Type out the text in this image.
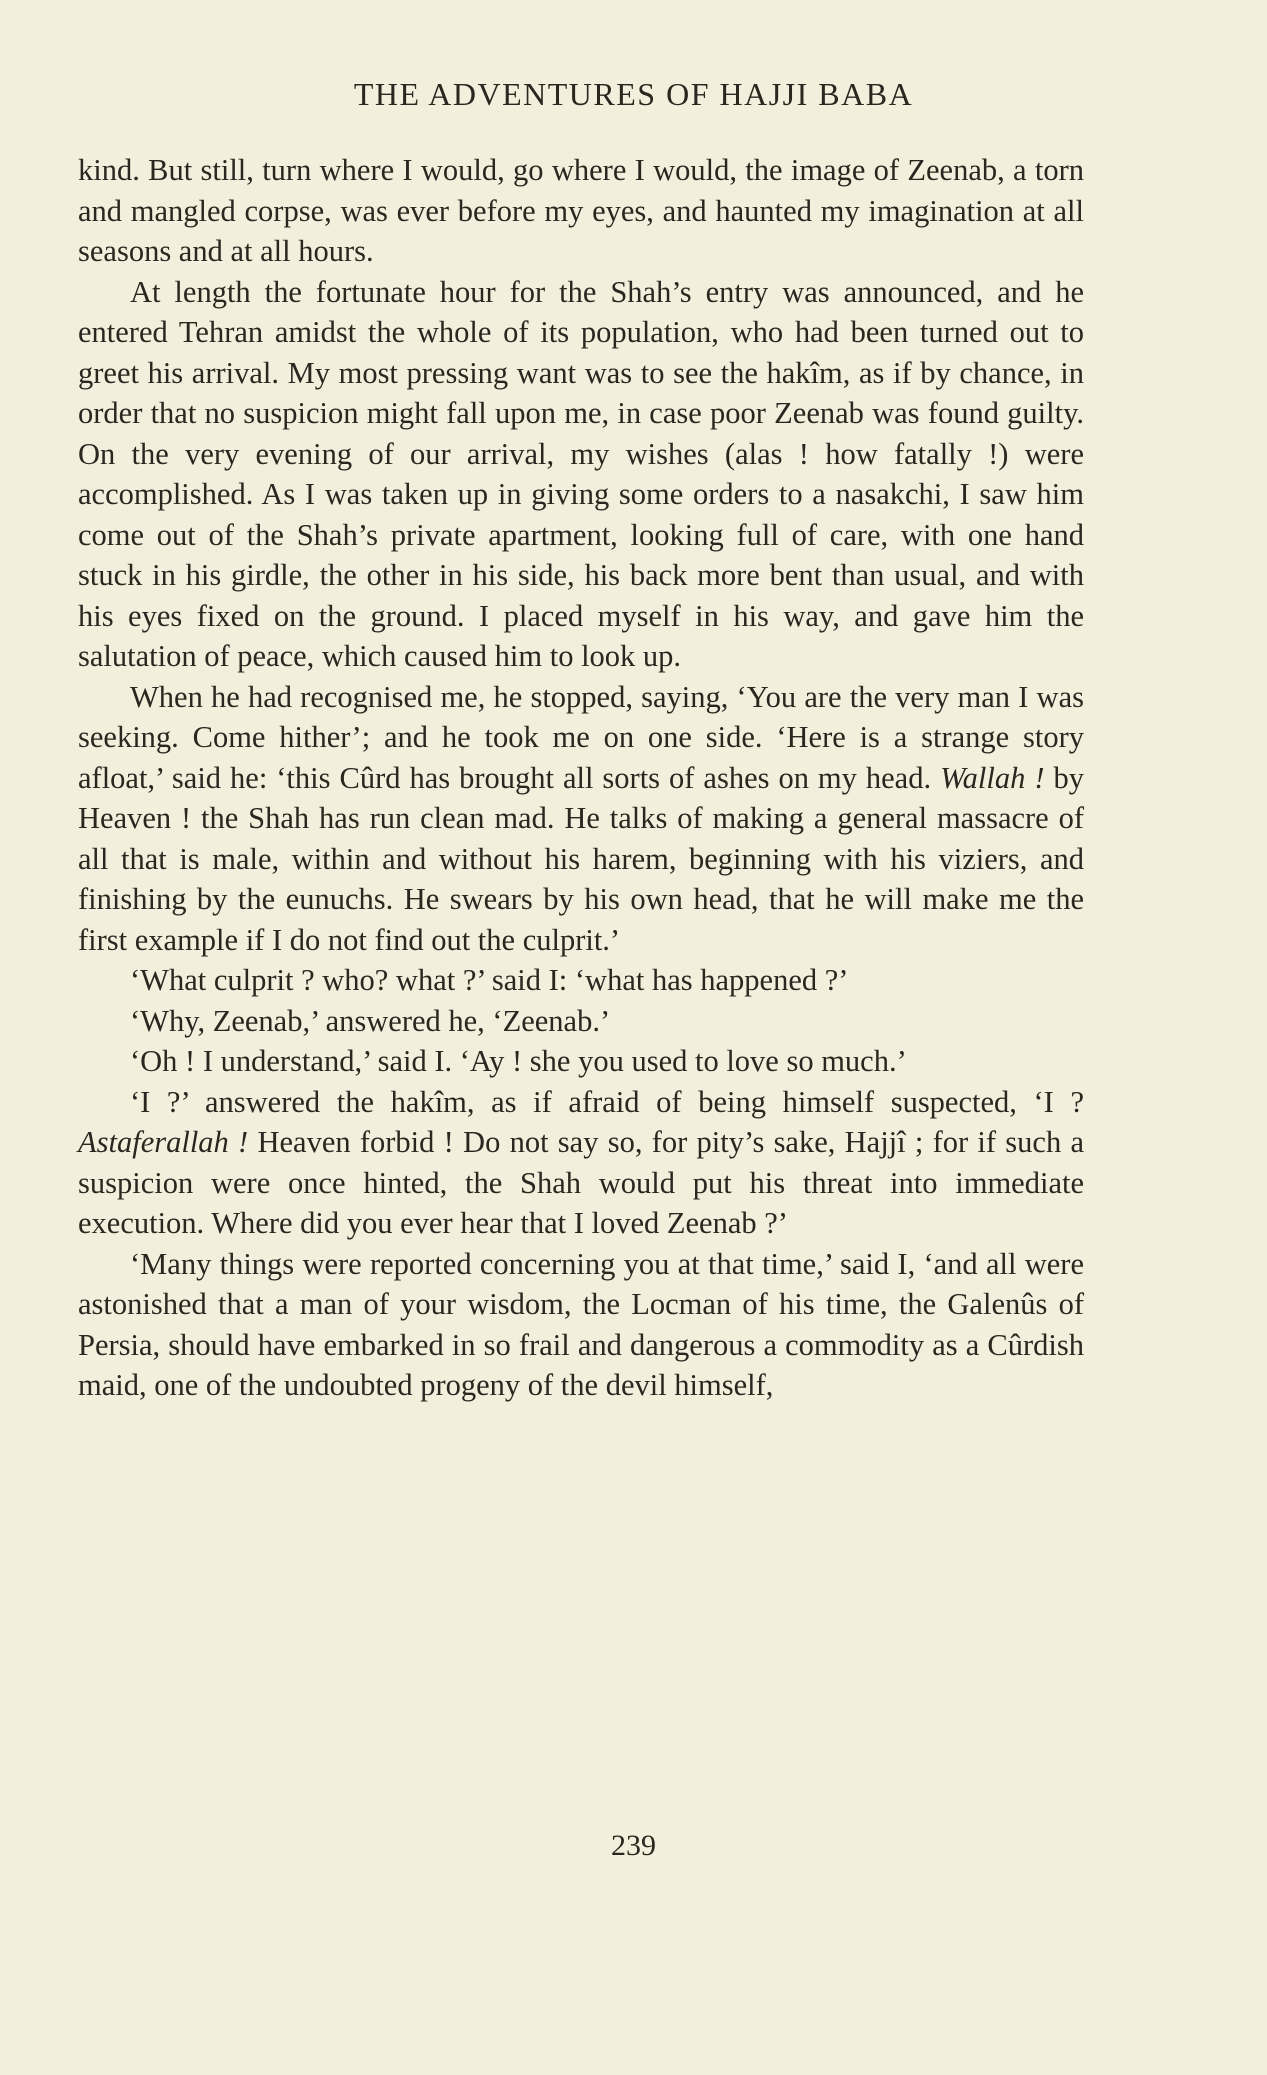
THE ADVENTURES OF HAJJI BABA

kind. But still, turn where I would, go where I would, the image of Zeenab, a torn and mangled corpse, was ever before my eyes, and haunted my imagination at all seasons and at all hours.

At length the fortunate hour for the Shah’s entry was announced, and he entered Tehran amidst the whole of its population, who had been turned out to greet his arrival. My most pressing want was to see the hakîm, as if by chance, in order that no suspicion might fall upon me, in case poor Zeenab was found guilty. On the very evening of our arrival, my wishes (alas ! how fatally !) were accomplished. As I was taken up in giving some orders to a nasakchi, I saw him come out of the Shah’s private apartment, looking full of care, with one hand stuck in his girdle, the other in his side, his back more bent than usual, and with his eyes fixed on the ground. I placed myself in his way, and gave him the salutation of peace, which caused him to look up.

When he had recognised me, he stopped, saying, ‘You are the very man I was seeking. Come hither’; and he took me on one side. ‘Here is a strange story afloat,’ said he: ‘this Cûrd has brought all sorts of ashes on my head. Wallah ! by Heaven ! the Shah has run clean mad. He talks of making a general massacre of all that is male, within and without his harem, beginning with his viziers, and finishing by the eunuchs. He swears by his own head, that he will make me the first example if I do not find out the culprit.’

‘What culprit ? who? what ?’ said I: ‘what has happened ?’

‘Why, Zeenab,’ answered he, ‘Zeenab.’

‘Oh ! I understand,’ said I. ‘Ay ! she you used to love so much.’

‘I ?’ answered the hakîm, as if afraid of being himself suspected, ‘I ? Astaferallah ! Heaven forbid ! Do not say so, for pity’s sake, Hajjî ; for if such a suspicion were once hinted, the Shah would put his threat into immediate execution. Where did you ever hear that I loved Zeenab ?’

‘Many things were reported concerning you at that time,’ said I, ‘and all were astonished that a man of your wisdom, the Locman of his time, the Galenûs of Persia, should have embarked in so frail and dangerous a commodity as a Cûrdish maid, one of the undoubted progeny of the devil himself,

239
